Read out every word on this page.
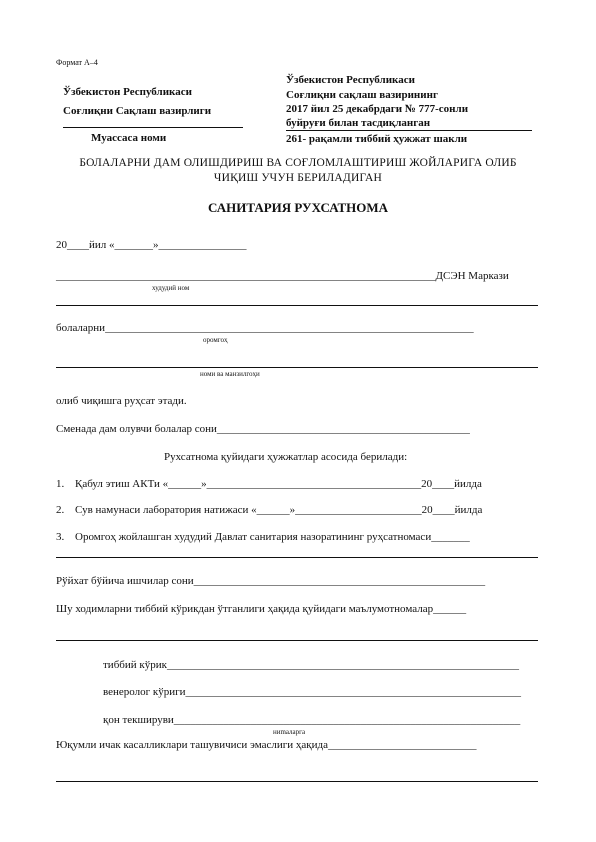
Формат А–4
Ўзбекистон Республикаси
Соғлиқни Сақлаш вазирлиги
Муассаса номи
Ўзбекистон Республикаси
Соғлиқни сақлаш вазирининг
2017 йил 25 декабрдаги № 777-сонли
буйруғи билан тасдиқланган
261- рақамли тиббий ҳужжат шакли
БОЛАЛАРНИ ДАМ ОЛИШДИРИШ ВА СОҒЛОМЛАШТИРИШ ЖОЙЛАРИГА ОЛИБ
ЧИҚИШ УЧУН БЕРИЛАДИГАН
САНИТАРИЯ РУХСАТНОМА
20____йил «_______»________________
_____________________________________________________________________ДСЭН Маркази
худудий ном
болаларни___________________________________________________________________
оромгоҳ
номи ва манзилгоҳи
олиб чиқишга руҳсат этади.
Сменада дам олувчи болалар сони______________________________________________
Рухсатнома қуйидаги ҳужжатлар асосида берилади:
1. Қабул этиш АКТи «______»_______________________________________20____йилда
2. Сув намунаси лаборатория натижаси «______»_______________________20____йилда
3. Оромгоҳ жойлашган худудий Давлат санитария назоратининг руҳсатномаси_______
Рўйхат бўйича ишчилар сони_____________________________________________________
Шу ходимларни тиббий кўрикдан ўтганлиги ҳақида қуйидаги маълумотномалар______
тиббий кўрик________________________________________________________________
венеролог кўриги_____________________________________________________________
қон текшируви_______________________________________________________________
ниmaлapгa
Юқумли ичак касалликлари ташувичиси эмаслиги ҳақида___________________________
